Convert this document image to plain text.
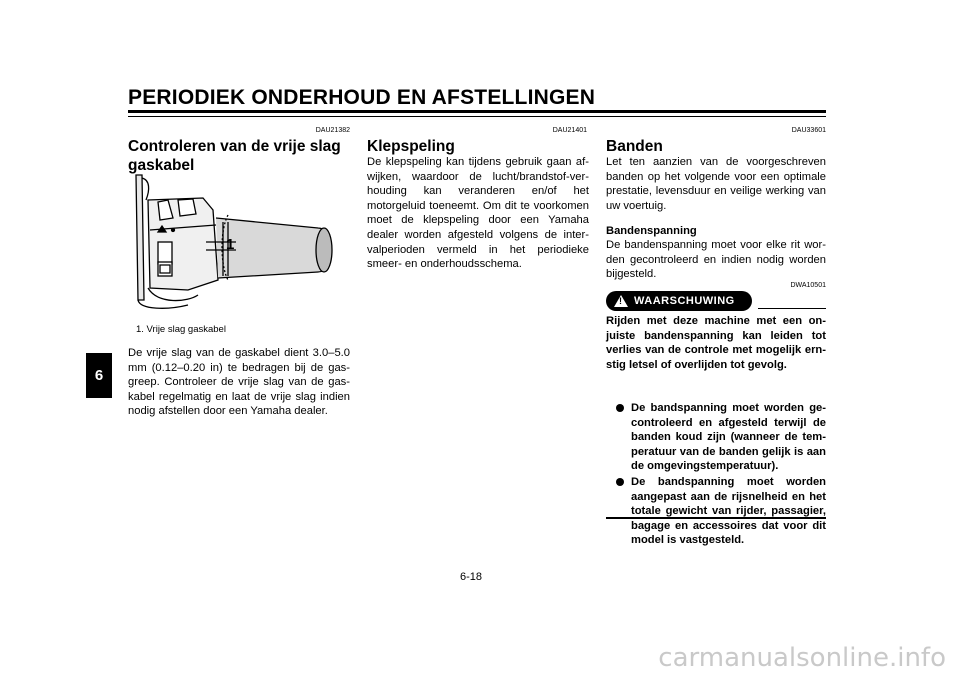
PERIODIEK ONDERHOUD EN AFSTELLINGEN
6
DAU21382
Controleren van de vrije slag gaskabel
1
1. Vrije slag gaskabel
De vrije slag van de gaskabel dient 3.0–5.0 mm (0.12–0.20 in) te bedragen bij de gasgreep. Controleer de vrije slag van de gaskabel regelmatig en laat de vrije slag indien nodig afstellen door een Yamaha dealer.
DAU21401
Klepspeling
De klepspeling kan tijdens gebruik gaan afwijken, waardoor de lucht/brandstof-verhouding kan veranderen en/of het motorgeluid toeneemt. Om dit te voorkomen moet de klepspeling door een Yamaha dealer worden afgesteld volgens de intervalperioden vermeld in het periodieke smeer- en onderhoudsschema.
DAU33601
Banden
Let ten aanzien van de voorgeschreven banden op het volgende voor een optimale prestatie, levensduur en veilige werking van uw voertuig.
Bandenspanning
De bandenspanning moet voor elke rit worden gecontroleerd en indien nodig worden bijgesteld.
DWA10501
! WAARSCHUWING
Rijden met deze machine met een onjuiste bandenspanning kan leiden tot verlies van de controle met mogelijk ernstig letsel of overlijden tot gevolg.
De bandspanning moet worden gecontroleerd en afgesteld terwijl de banden koud zijn (wanneer de temperatuur van de banden gelijk is aan de omgevingstemperatuur).
De bandspanning moet worden aangepast aan de rijsnelheid en het totale gewicht van rijder, passagier, bagage en accessoires dat voor dit model is vastgesteld.
6-18
carmanualsonline.info
